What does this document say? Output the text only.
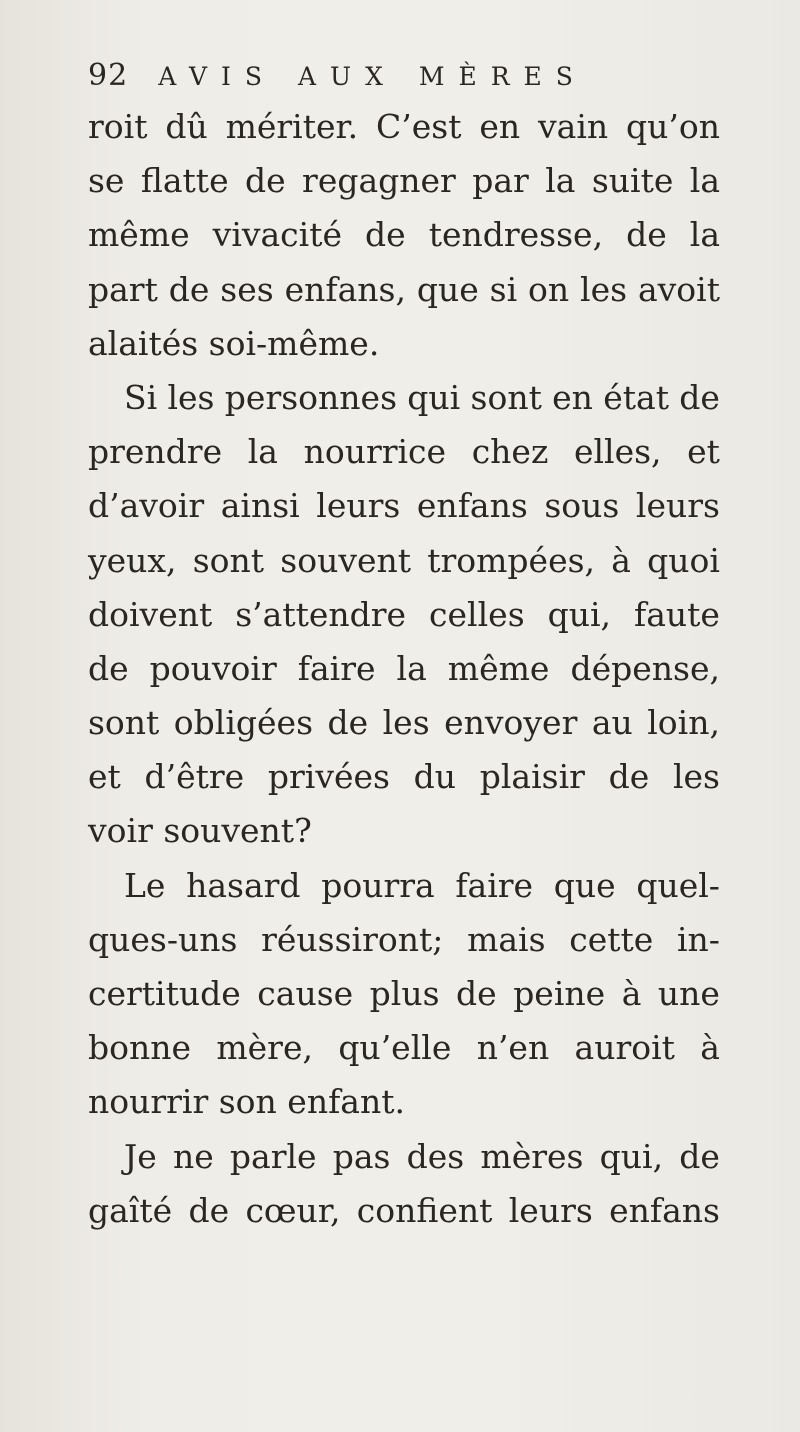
92 AVIS AUX MÈRES
roit dû mériter. C’est en vain qu’on
se flatte de regagner par la suite la
même vivacité de tendresse, de la
part de ses enfans, que si on les avoit
alaités soi-même.
Si les personnes qui sont en état de
prendre la nourrice chez elles, et
d’avoir ainsi leurs enfans sous leurs
yeux, sont souvent trompées, à quoi
doivent s’attendre celles qui, faute
de pouvoir faire la même dépense,
sont obligées de les envoyer au loin,
et d’être privées du plaisir de les
voir souvent?
Le hasard pourra faire que quel-
ques-uns réussiront; mais cette in-
certitude cause plus de peine à une
bonne mère, qu’elle n’en auroit à
nourrir son enfant.
Je ne parle pas des mères qui, de
gaîté de cœur, confient leurs enfans
